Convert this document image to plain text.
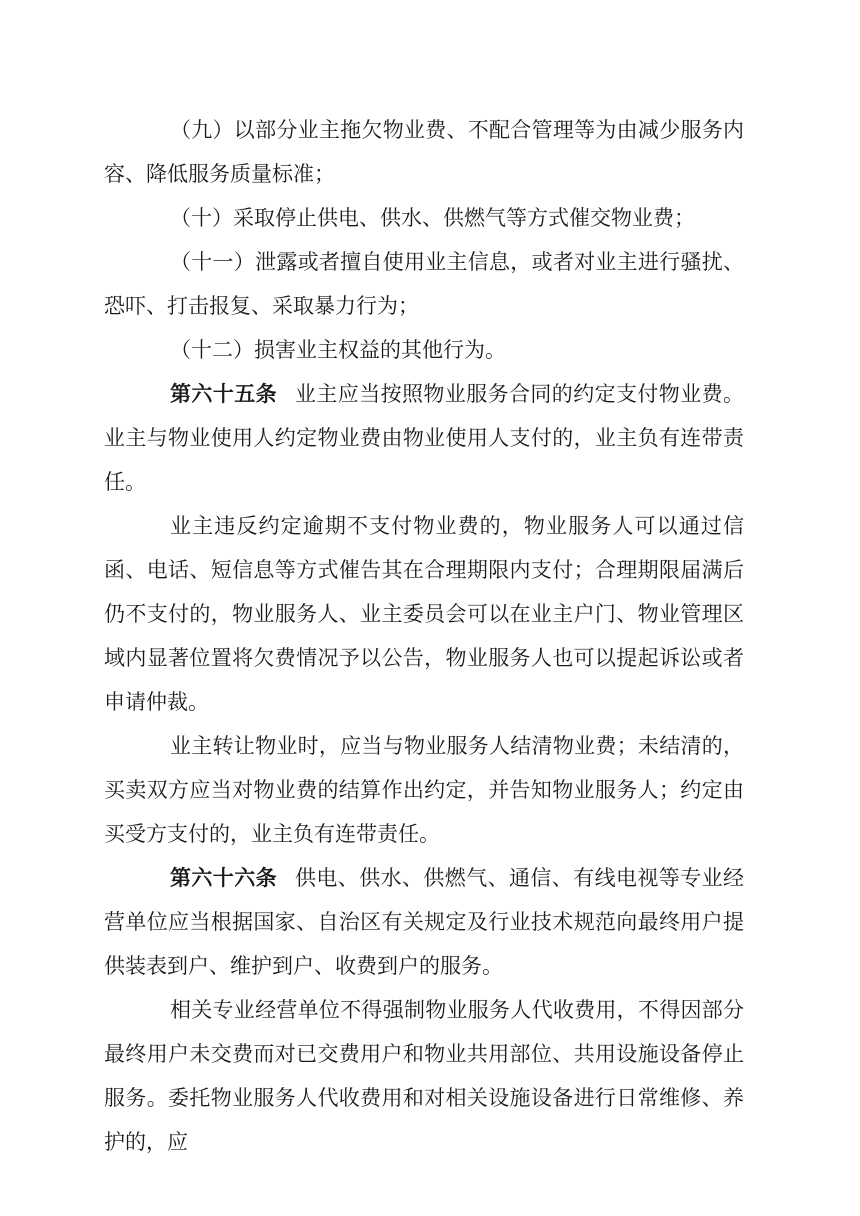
（九）以部分业主拖欠物业费、不配合管理等为由减少服务内容、降低服务质量标准；

（十）采取停止供电、供水、供燃气等方式催交物业费；

（十一）泄露或者擅自使用业主信息，或者对业主进行骚扰、恐吓、打击报复、采取暴力行为；

（十二）损害业主权益的其他行为。

第六十五条 业主应当按照物业服务合同的约定支付物业费。业主与物业使用人约定物业费由物业使用人支付的，业主负有连带责任。

业主违反约定逾期不支付物业费的，物业服务人可以通过信函、电话、短信息等方式催告其在合理期限内支付；合理期限届满后仍不支付的，物业服务人、业主委员会可以在业主户门、物业管理区域内显著位置将欠费情况予以公告，物业服务人也可以提起诉讼或者申请仲裁。

业主转让物业时，应当与物业服务人结清物业费；未结清的，买卖双方应当对物业费的结算作出约定，并告知物业服务人；约定由买受方支付的，业主负有连带责任。

第六十六条 供电、供水、供燃气、通信、有线电视等专业经营单位应当根据国家、自治区有关规定及行业技术规范向最终用户提供装表到户、维护到户、收费到户的服务。

相关专业经营单位不得强制物业服务人代收费用，不得因部分最终用户未交费而对已交费用户和物业共用部位、共用设施设备停止服务。委托物业服务人代收费用和对相关设施设备进行日常维修、养护的，应
